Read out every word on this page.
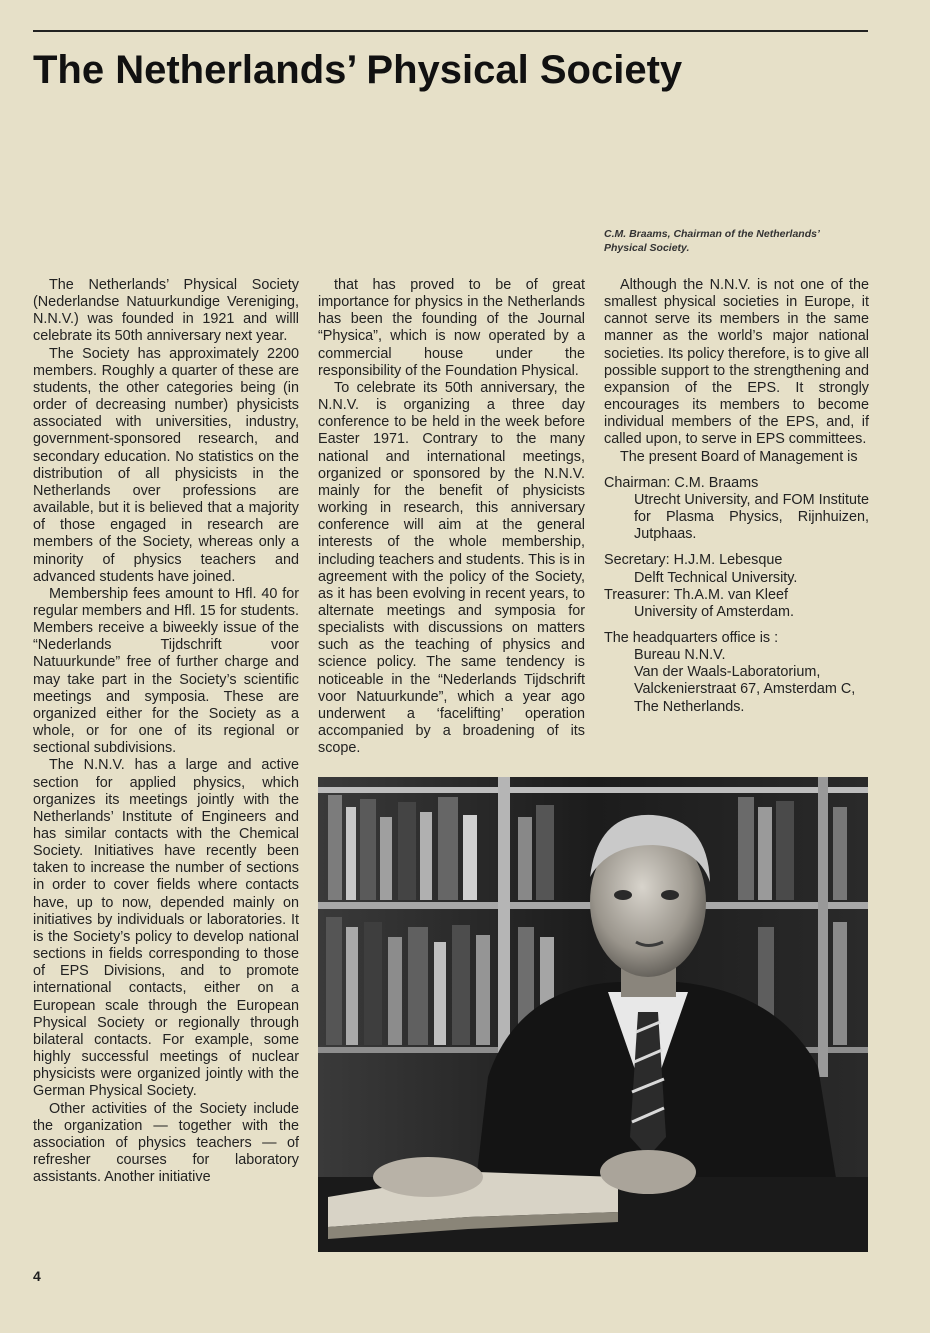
The Netherlands’ Physical Society
C.M. Braams, Chairman of the Netherlands’ Physical Society.

The Netherlands’ Physical Society (Nederlandse Natuurkundige Vereniging, N.N.V.) was founded in 1921 and willl celebrate its 50th anniversary next year.

The Society has approximately 2200 members. Roughly a quarter of these are students, the other categories being (in order of decreasing number) physicists associated with universities, industry, government-sponsored research, and secondary education. No statistics on the distribution of all physicists in the Netherlands over professions are available, but it is believed that a majority of those engaged in research are members of the Society, whereas only a minority of physics teachers and advanced students have joined.

Membership fees amount to Hfl. 40 for regular members and Hfl. 15 for students. Members receive a biweekly issue of the “Nederlands Tijdschrift voor Natuurkunde” free of further charge and may take part in the Society’s scientific meetings and symposia. These are organized either for the Society as a whole, or for one of its regional or sectional subdivisions.

The N.N.V. has a large and active section for applied physics, which organizes its meetings jointly with the Netherlands’ Institute of Engineers and has similar contacts with the Chemical Society. Initiatives have recently been taken to increase the number of sections in order to cover fields where contacts have, up to now, depended mainly on initiatives by individuals or laboratories. It is the Society’s policy to develop national sections in fields corresponding to those of EPS Divisions, and to promote international contacts, either on a European scale through the European Physical Society or regionally through bilateral contacts. For example, some highly successful meetings of nuclear physicists were organized jointly with the German Physical Society.

Other activities of the Society include the organization — together with the association of physics teachers — of refresher courses for laboratory assistants. Another initiative

that has proved to be of great importance for physics in the Netherlands has been the founding of the Journal “Physica”, which is now operated by a commercial house under the responsibility of the Foundation Physical.

To celebrate its 50th anniversary, the N.N.V. is organizing a three day conference to be held in the week before Easter 1971. Contrary to the many national and international meetings, organized or sponsored by the N.N.V. mainly for the benefit of physicists working in research, this anniversary conference will aim at the general interests of the whole membership, including teachers and students. This is in agreement with the policy of the Society, as it has been evolving in recent years, to alternate meetings and symposia for specialists with discussions on matters such as the teaching of physics and science policy. The same tendency is noticeable in the “Nederlands Tijdschrift voor Natuurkunde”, which a year ago underwent a ‘facelifting’ operation accompanied by a broadening of its scope.

Although the N.N.V. is not one of the smallest physical societies in Europe, it cannot serve its members in the same manner as the world’s major national societies. Its policy therefore, is to give all possible support to the strengthening and expansion of the EPS. It strongly encourages its members to become individual members of the EPS, and, if called upon, to serve in EPS committees.

The present Board of Management is

Chairman: C.M. Braams

Utrecht University, and FOM Institute for Plasma Physics, Rijnhuizen, Jutphaas.

Secretary: H.J.M. Lebesque

Delft Technical University.

Treasurer: Th.A.M. van Kleef

University of Amsterdam.

The headquarters office is :

Bureau N.N.V.

Van der Waals-Laboratorium,

Valckenierstraat 67, Amsterdam C,

The Netherlands.

4
